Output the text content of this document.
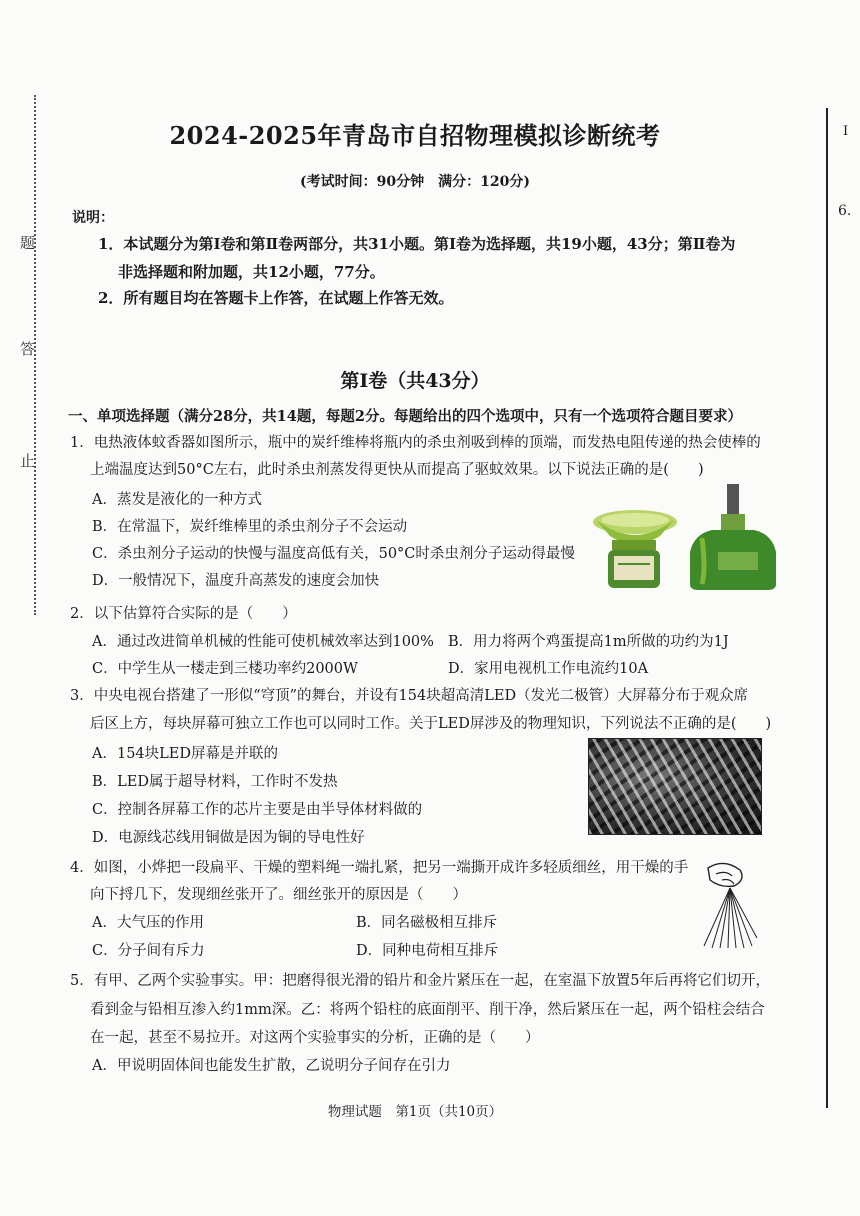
题
答
止
I
6.
2024-2025年青岛市自招物理模拟诊断统考
(考试时间：90分钟　满分：120分)
说明：
1．本试题分为第Ⅰ卷和第Ⅱ卷两部分，共31小题。第Ⅰ卷为选择题，共19小题，43分；第Ⅱ卷为
非选择题和附加题，共12小题，77分。
2．所有题目均在答题卡上作答，在试题上作答无效。
第Ⅰ卷（共43分）
一、单项选择题（满分28分，共14题，每题2分。每题给出的四个选项中，只有一个选项符合题目要求）
1．电热液体蚊香器如图所示，瓶中的炭纤维棒将瓶内的杀虫剂吸到棒的顶端，而发热电阻传递的热会使棒的
上端温度达到50°C左右，此时杀虫剂蒸发得更快从而提高了驱蚊效果。以下说法正确的是(　　)
A．蒸发是液化的一种方式
B．在常温下，炭纤维棒里的杀虫剂分子不会运动
C．杀虫剂分子运动的快慢与温度高低有关，50°C时杀虫剂分子运动得最慢
D．一般情况下，温度升高蒸发的速度会加快
2．以下估算符合实际的是（　　）
A．通过改进简单机械的性能可使机械效率达到100% B．用力将两个鸡蛋提高1m所做的功约为1J
C．中学生从一楼走到三楼功率约2000W	D．家用电视机工作电流约10A
3．中央电视台搭建了一形似“穹顶”的舞台，并设有154块超高清LED（发光二极管）大屏幕分布于观众席
后区上方，每块屏幕可独立工作也可以同时工作。关于LED屏涉及的物理知识，下列说法不正确的是(　　)
A．154块LED屏幕是并联的
B．LED属于超导材料，工作时不发热
C．控制各屏幕工作的芯片主要是由半导体材料做的
D．电源线芯线用铜做是因为铜的导电性好
4．如图，小烨把一段扁平、干燥的塑料绳一端扎紧，把另一端撕开成许多轻质细丝，用干燥的手
向下捋几下，发现细丝张开了。细丝张开的原因是（　　）
A．大气压的作用	B．同名磁极相互排斥
C．分子间有斥力	D．同种电荷相互排斥
5．有甲、乙两个实验事实。甲：把磨得很光滑的铅片和金片紧压在一起，在室温下放置5年后再将它们切开，
看到金与铅相互渗入约1mm深。乙：将两个铅柱的底面削平、削干净，然后紧压在一起，两个铅柱会结合
在一起，甚至不易拉开。对这两个实验事实的分析，正确的是（　　）
A．甲说明固体间也能发生扩散，乙说明分子间存在引力
物理试题　第1页（共10页）
